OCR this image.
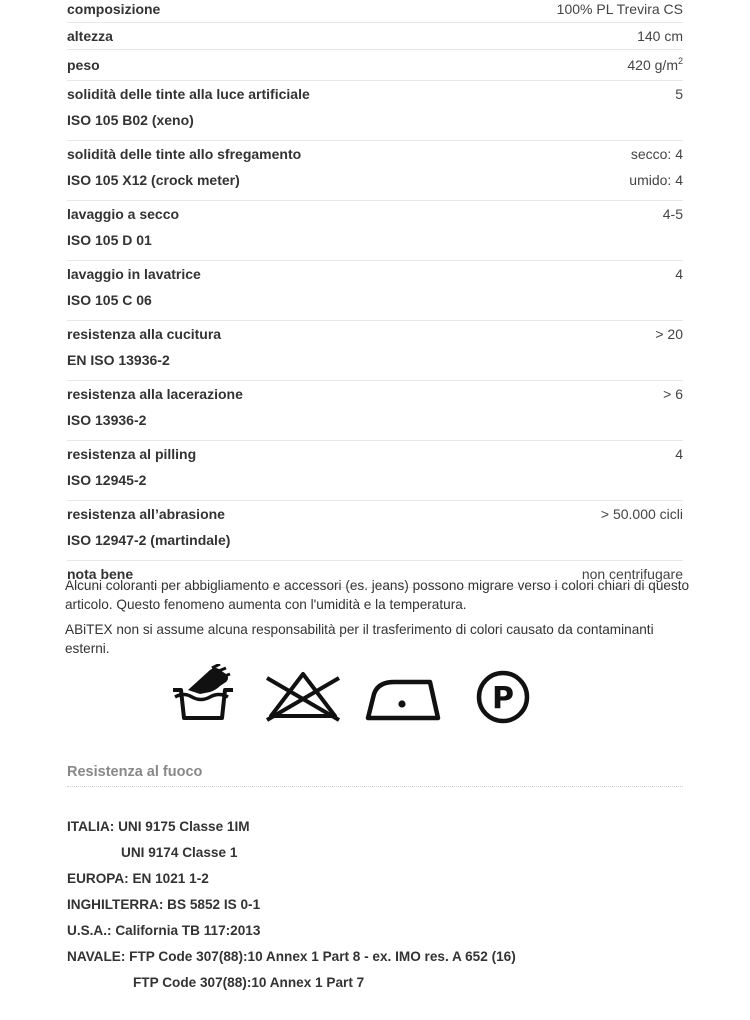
composizione	100% PL Trevira CS
altezza	140 cm
peso	420 $g/m^2$
solidità delle tinte alla luce artificiale	5
ISO 105 B02 (xeno)
solidità delle tinte allo sfregamento	secco: 4
ISO 105 X12 (crock meter)	umido: 4
lavaggio a secco	4-5
ISO 105 D 01
lavaggio in lavatrice	4
ISO 105 C 06
resistenza alla cucitura	> 20
EN ISO 13936-2
resistenza alla lacerazione	> 6
ISO 13936-2
resistenza al pilling	4
ISO 12945-2
resistenza all’abrasione	> 50.000 cicli
ISO 12947-2 (martindale)
nota bene	non centrifugare

Alcuni coloranti per abbigliamento e accessori (es. jeans) possono migrare verso i colori chiari di questo articolo. Questo fenomeno aumenta con l'umidità e la temperatura.

ABiTEX non si assume alcuna responsabilità per il trasferimento di colori causato da contaminanti esterni.

P
Resistenza al fuoco
ITALIA: UNI 9175 Classe 1IM
UNI 9174 Classe 1
EUROPA: EN 1021 1-2
INGHILTERRA: BS 5852 IS 0-1
U.S.A.: California TB 117:2013
NAVALE: FTP Code 307(88):10 Annex 1 Part 8 - ex. IMO res. A 652 (16)
FTP Code 307(88):10 Annex 1 Part 7
